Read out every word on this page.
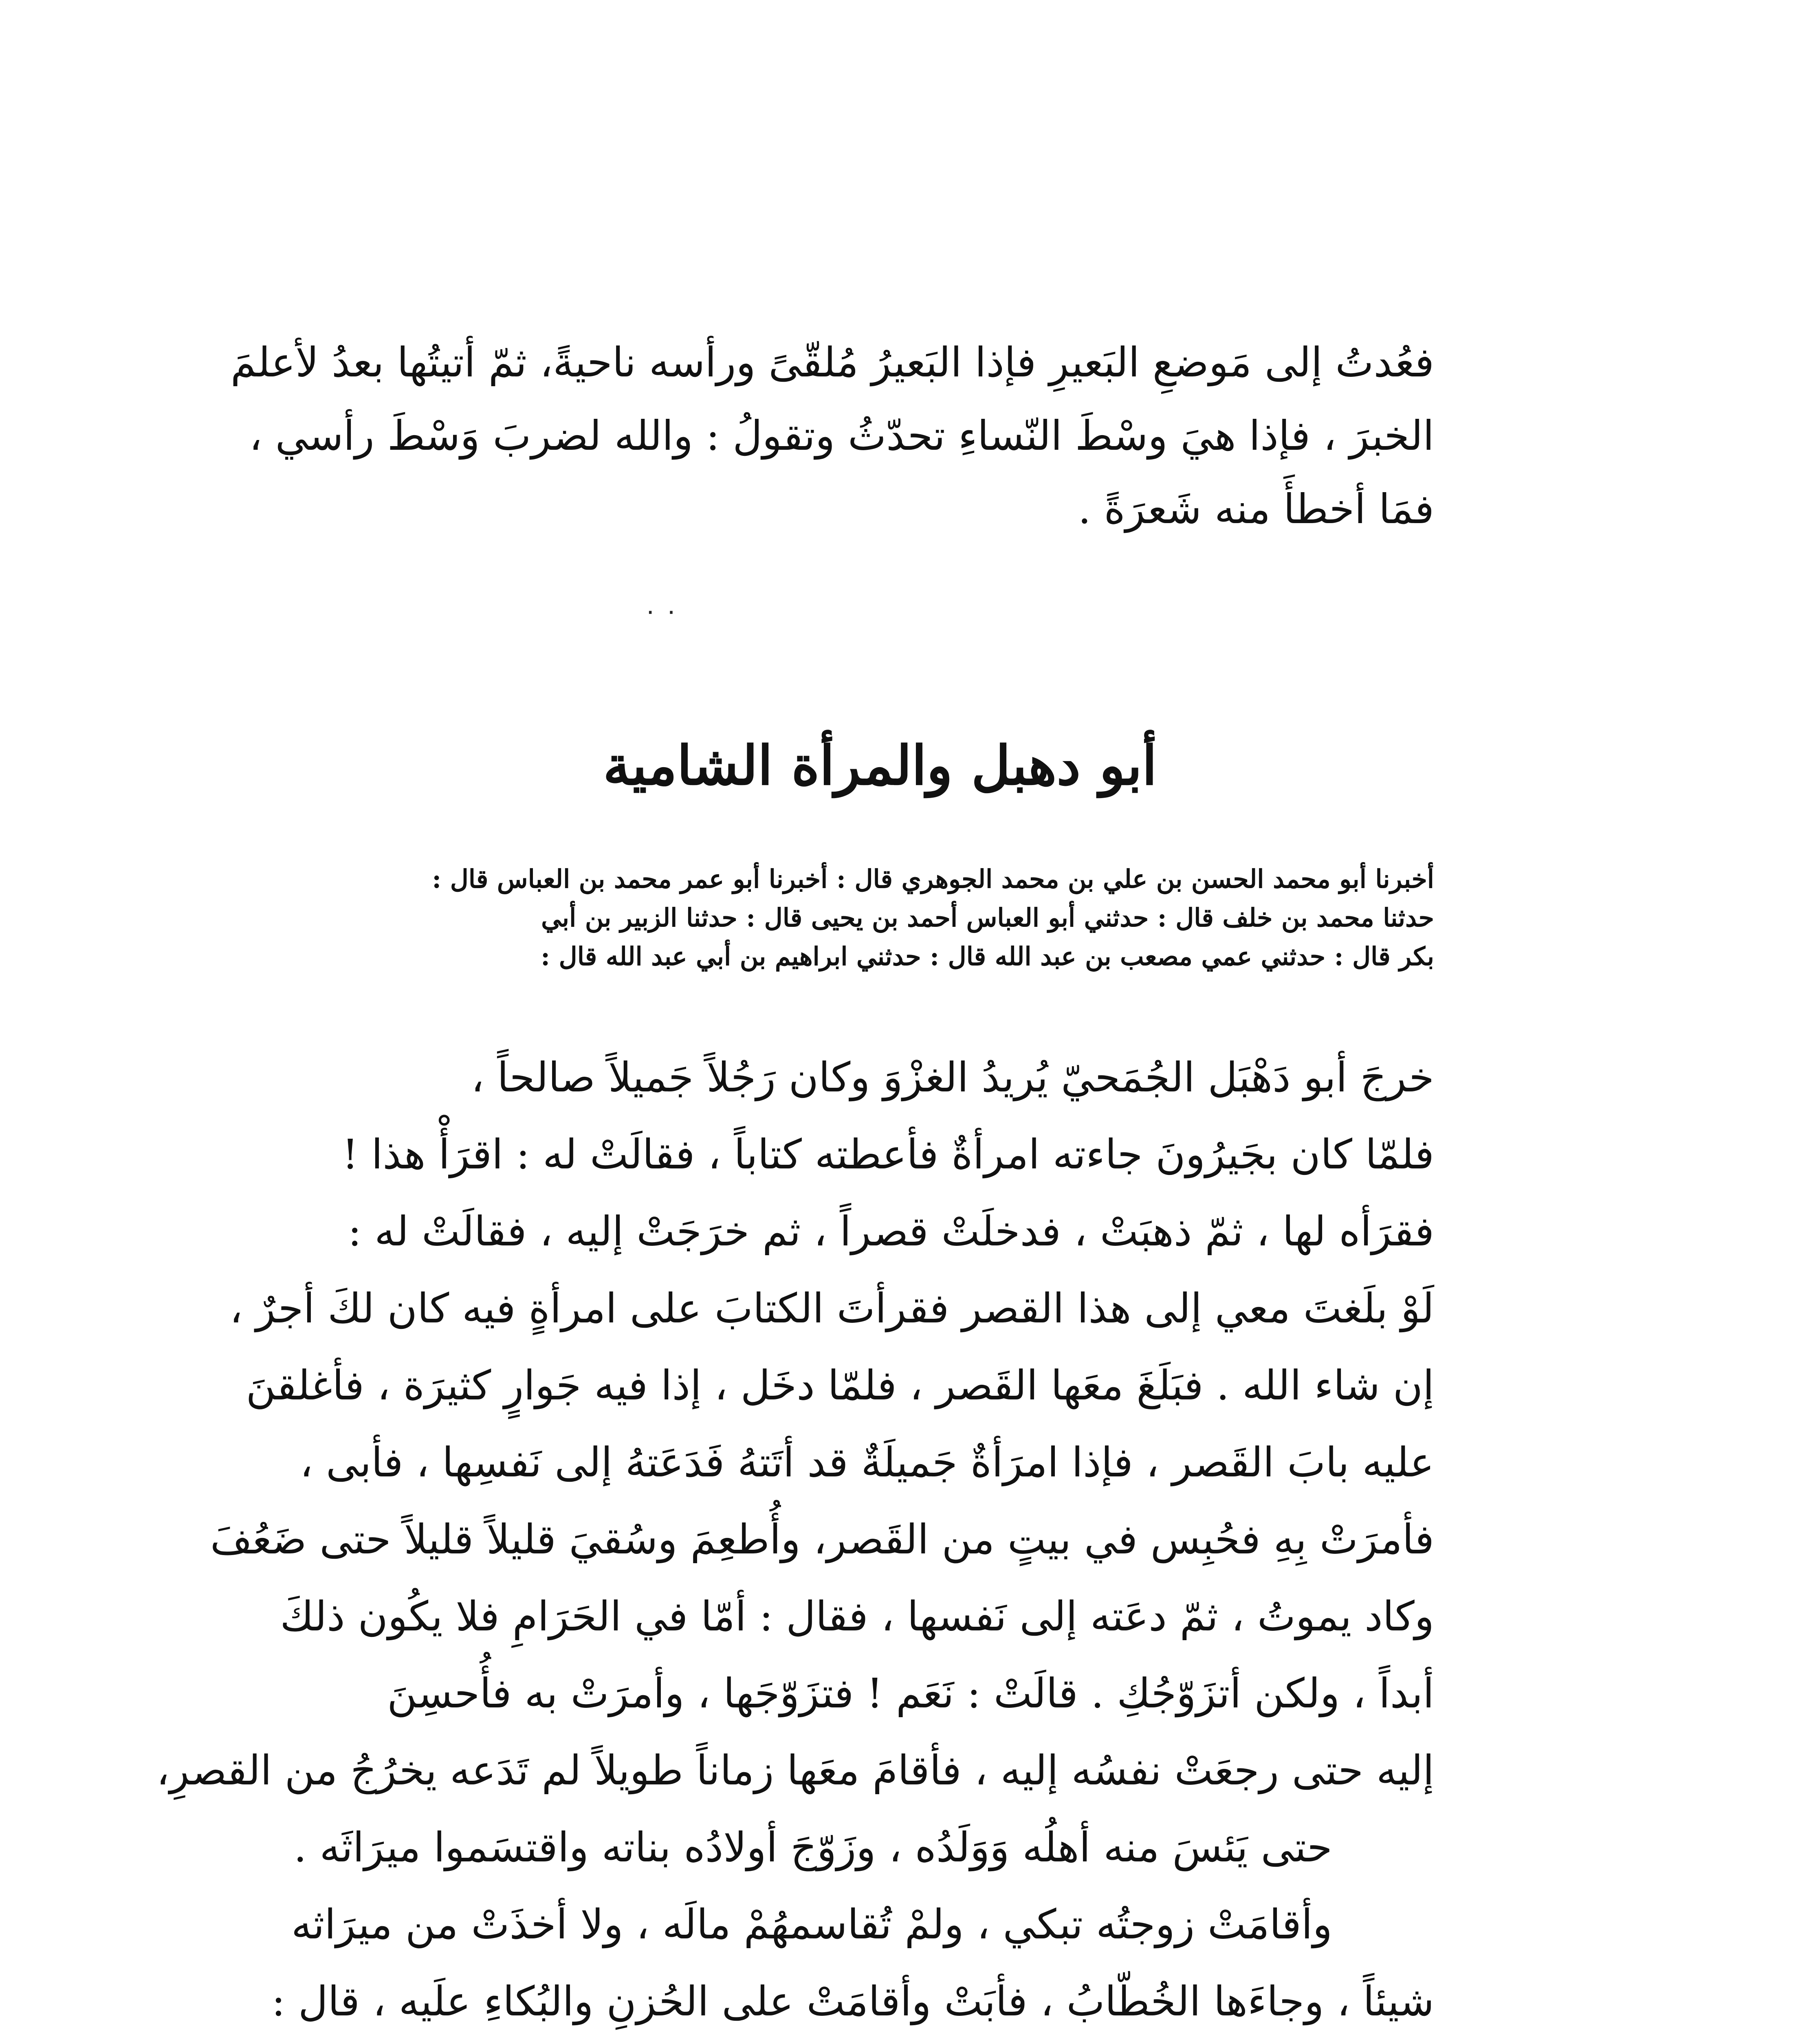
فعُدتُ إلى مَوضعِ البَعيرِ فإذا البَعيرُ مُلقّىً ورأسه ناحيةً، ثمّ أتيتُها بعدُ لأعلمَ
الخبرَ ، فإذا هيَ وسْطَ النّساءِ تحدّثُ وتقولُ : والله لضربَ وَسْطَ رأسي ،
فمَا أخطأَ منه شَعرَةً .
٠ ٠
أبو دهبل والمرأة الشامية
أخبرنا أبو محمد الحسن بن علي بن محمد الجوهري قال : أخبرنا أبو عمر محمد بن العباس قال :
حدثنا محمد بن خلف قال : حدثني أبو العباس أحمد بن يحيى قال : حدثنا الزبير بن أبي
بكر قال : حدثني عمي مصعب بن عبد الله قال : حدثني ابراهيم بن أبي عبد الله قال :
خرجَ أبو دَهْبَل الجُمَحيّ يُريدُ الغزْوَ وكان رَجُلاً جَميلاً صالحاً ،
فلمّا كان بجَيرُونَ جاءته امرأةٌ فأعطته كتاباً ، فقالَتْ له : اقرَأْ هذا !
فقرَأه لها ، ثمّ ذهبَتْ ، فدخلَتْ قصراً ، ثم خرَجَتْ إليه ، فقالَتْ له :
لَوْ بلَغتَ معي إلى هذا القصر فقرأتَ الكتابَ على امرأةٍ فيه كان لكَ أجرٌ ،
إن شاء الله . فبَلَغَ معَها القَصر ، فلمّا دخَل ، إذا فيه جَوارٍ كثيرَة ، فأغلقنَ
عليه بابَ القَصر ، فإذا امرَأةٌ جَميلَةٌ قد أتَتهُ فَدَعَتهُ إلى نَفسِها ، فأبى ،
فأمرَتْ بِهِ فحُبِس في بيتٍ من القَصر، وأُطعِمَ وسُقيَ قليلاً قليلاً حتى ضَعُفَ
وكاد يموتُ ، ثمّ دعَته إلى نَفسها ، فقال : أمّا في الحَرَامِ فلا يكُون ذلكَ
أبداً ، ولكن أتزَوّجُكِ . قالَتْ : نَعَم ! فتزَوّجَها ، وأمرَتْ به فأُحسِنَ
إليه حتى رجعَتْ نفسُه إليه ، فأقامَ معَها زماناً طويلاً لم تَدَعه يخرُجُ من القصرِ،
حتى يَئسَ منه أهلُه وَوَلَدُه ، وزَوّجَ أولادُه بناته واقتسَموا ميرَاثَه .
وأقامَتْ زوجتُه تبكي ، ولمْ تُقاسمهُمْ مالَه ، ولا أخذَتْ من ميرَاثه
شيئاً ، وجاءَها الخُطّابُ ، فأبَتْ وأقامَتْ على الحُزنِ والبُكاءِ علَيه ، قال :
